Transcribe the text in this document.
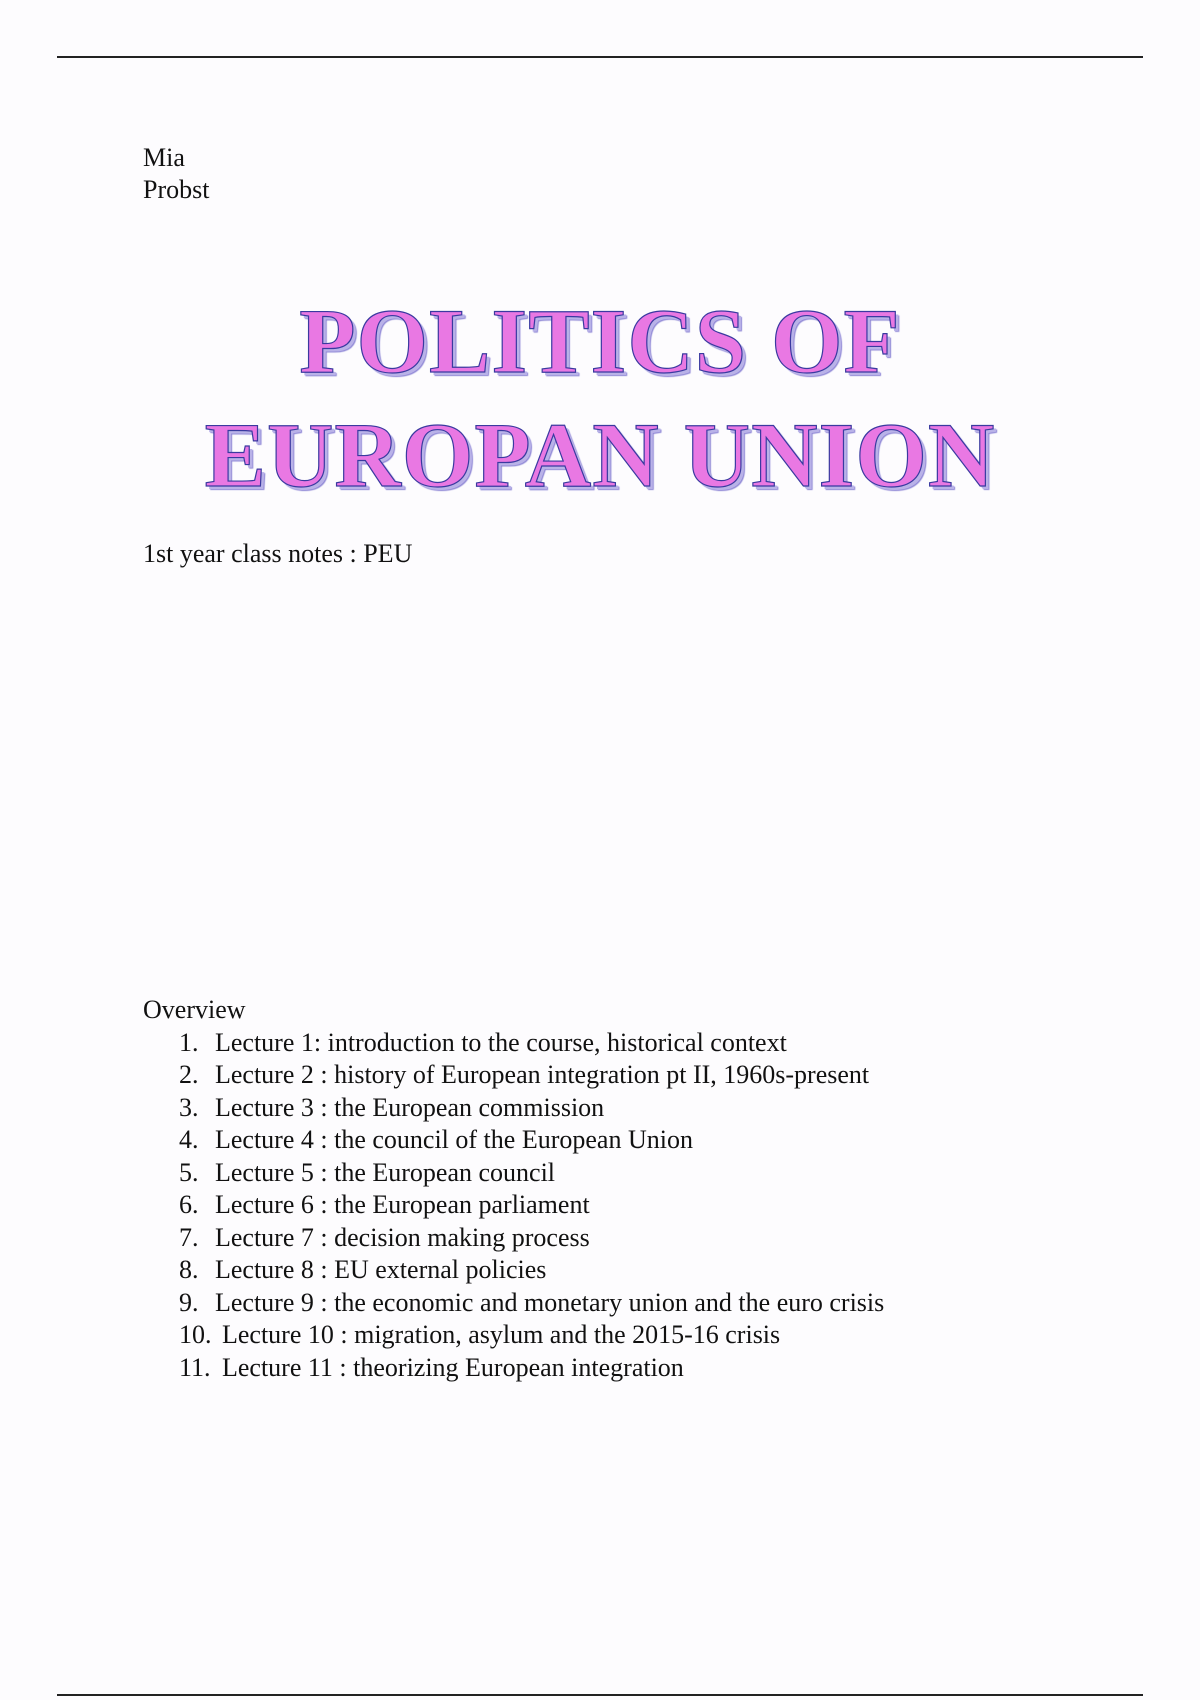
Mia
Probst
POLITICS OF
EUROPAN UNION
1st year class notes : PEU
Overview
1. Lecture 1: introduction to the course, historical context
2. Lecture 2 : history of European integration pt II, 1960s-present
3. Lecture 3 : the European commission
4. Lecture 4 : the council of the European Union
5. Lecture 5 : the European council
6. Lecture 6 : the European parliament
7. Lecture 7 : decision making process
8. Lecture 8 : EU external policies
9. Lecture 9 : the economic and monetary union and the euro crisis
10. Lecture 10 : migration, asylum and the 2015-16 crisis
11. Lecture 11 : theorizing European integration
